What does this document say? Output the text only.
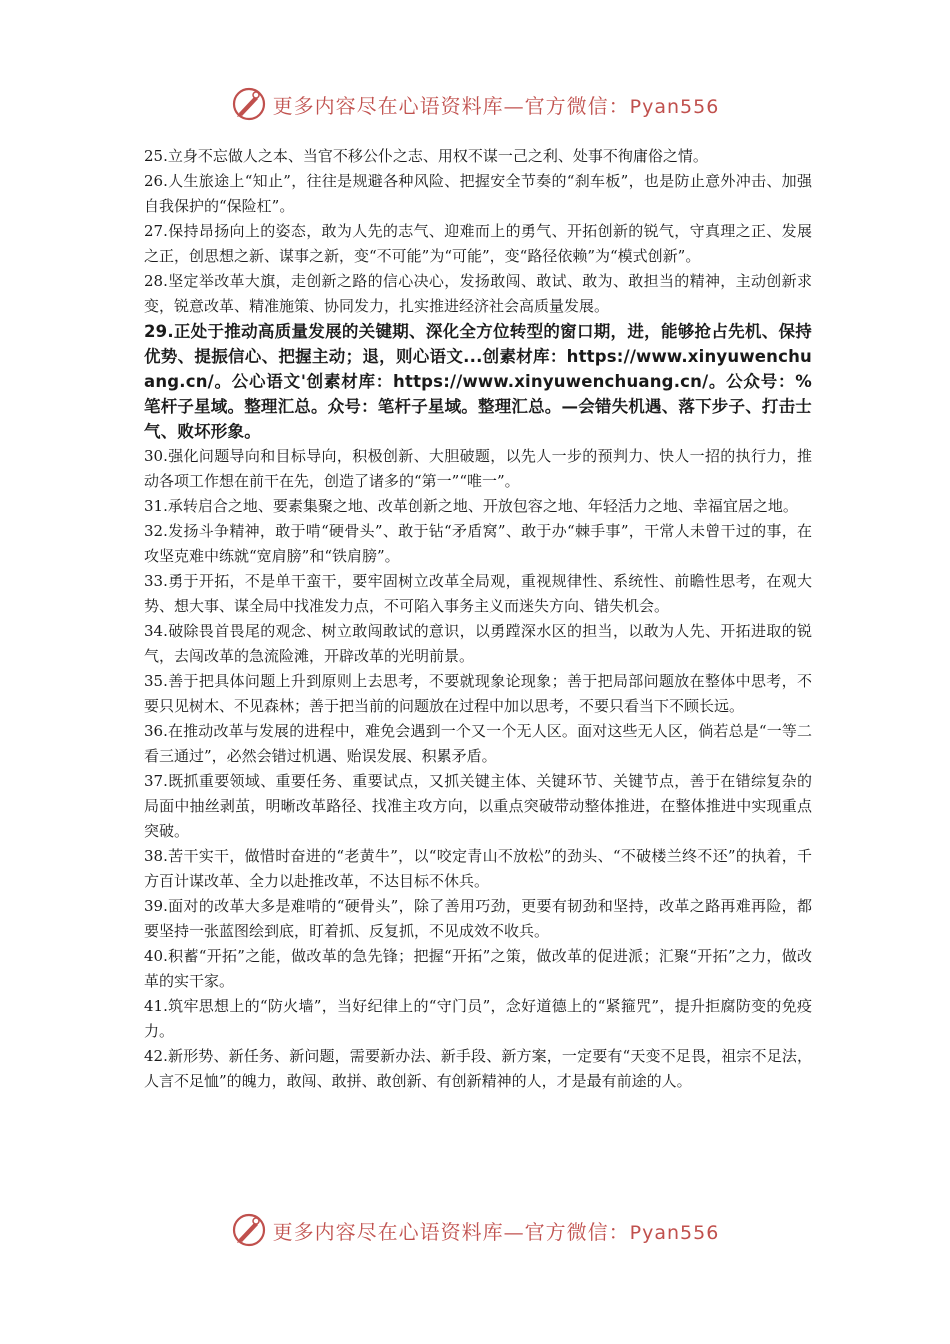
更多内容尽在心语资料库—官方微信：Pyan556

25.立身不忘做人之本、当官不移公仆之志、用权不谋一己之利、处事不徇庸俗之情。

26.人生旅途上“知止”，往往是规避各种风险、把握安全节奏的“刹车板”，也是防止意外冲击、加强自我保护的“保险杠”。

27.保持昂扬向上的姿态，敢为人先的志气、迎难而上的勇气、开拓创新的锐气，守真理之正、发展之正，创思想之新、谋事之新，变“不可能”为“可能”，变“路径依赖”为“模式创新”。

28.坚定举改革大旗，走创新之路的信心决心，发扬敢闯、敢试、敢为、敢担当的精神，主动创新求变，锐意改革、精准施策、协同发力，扎实推进经济社会高质量发展。

29.正处于推动高质量发展的关键期、深化全方位转型的窗口期，进，能够抢占先机、保持优势、提振信心、把握主动；退，则心语文...创素材库：https://www.xinyuwenchuang.cn/。公心语文'创素材库：https://www.xinyuwenchuang.cn/。公众号：%笔杆子星域。整理汇总。众号：笔杆子星域。整理汇总。—会错失机遇、落下步子、打击士气、败坏形象。

30.强化问题导向和目标导向，积极创新、大胆破题，以先人一步的预判力、快人一招的执行力，推动各项工作想在前干在先，创造了诸多的“第一”“唯一”。

31.承转启合之地、要素集聚之地、改革创新之地、开放包容之地、年轻活力之地、幸福宜居之地。

32.发扬斗争精神，敢于啃“硬骨头”、敢于钻“矛盾窝”、敢于办“棘手事”，干常人未曾干过的事，在攻坚克难中练就“宽肩膀”和“铁肩膀”。

33.勇于开拓，不是单干蛮干，要牢固树立改革全局观，重视规律性、系统性、前瞻性思考，在观大势、想大事、谋全局中找准发力点，不可陷入事务主义而迷失方向、错失机会。

34.破除畏首畏尾的观念、树立敢闯敢试的意识，以勇蹚深水区的担当，以敢为人先、开拓进取的锐气，去闯改革的急流险滩，开辟改革的光明前景。

35.善于把具体问题上升到原则上去思考，不要就现象论现象；善于把局部问题放在整体中思考，不要只见树木、不见森林；善于把当前的问题放在过程中加以思考，不要只看当下不顾长远。

36.在推动改革与发展的进程中，难免会遇到一个又一个无人区。面对这些无人区，倘若总是“一等二看三通过”，必然会错过机遇、贻误发展、积累矛盾。

37.既抓重要领域、重要任务、重要试点，又抓关键主体、关键环节、关键节点，善于在错综复杂的局面中抽丝剥茧，明晰改革路径、找准主攻方向，以重点突破带动整体推进，在整体推进中实现重点突破。

38.苦干实干，做惜时奋进的“老黄牛”，以“咬定青山不放松”的劲头、“不破楼兰终不还”的执着，千方百计谋改革、全力以赴推改革，不达目标不休兵。

39.面对的改革大多是难啃的“硬骨头”，除了善用巧劲，更要有韧劲和坚持，改革之路再难再险，都要坚持一张蓝图绘到底，盯着抓、反复抓，不见成效不收兵。

40.积蓄“开拓”之能，做改革的急先锋；把握“开拓”之策，做改革的促进派；汇聚“开拓”之力，做改革的实干家。

41.筑牢思想上的“防火墙”，当好纪律上的“守门员”，念好道德上的“紧箍咒”，提升拒腐防变的免疫力。

42.新形势、新任务、新问题，需要新办法、新手段、新方案，一定要有“天变不足畏，祖宗不足法，人言不足恤”的魄力，敢闯、敢拼、敢创新、有创新精神的人，才是最有前途的人。

更多内容尽在心语资料库—官方微信：Pyan556
